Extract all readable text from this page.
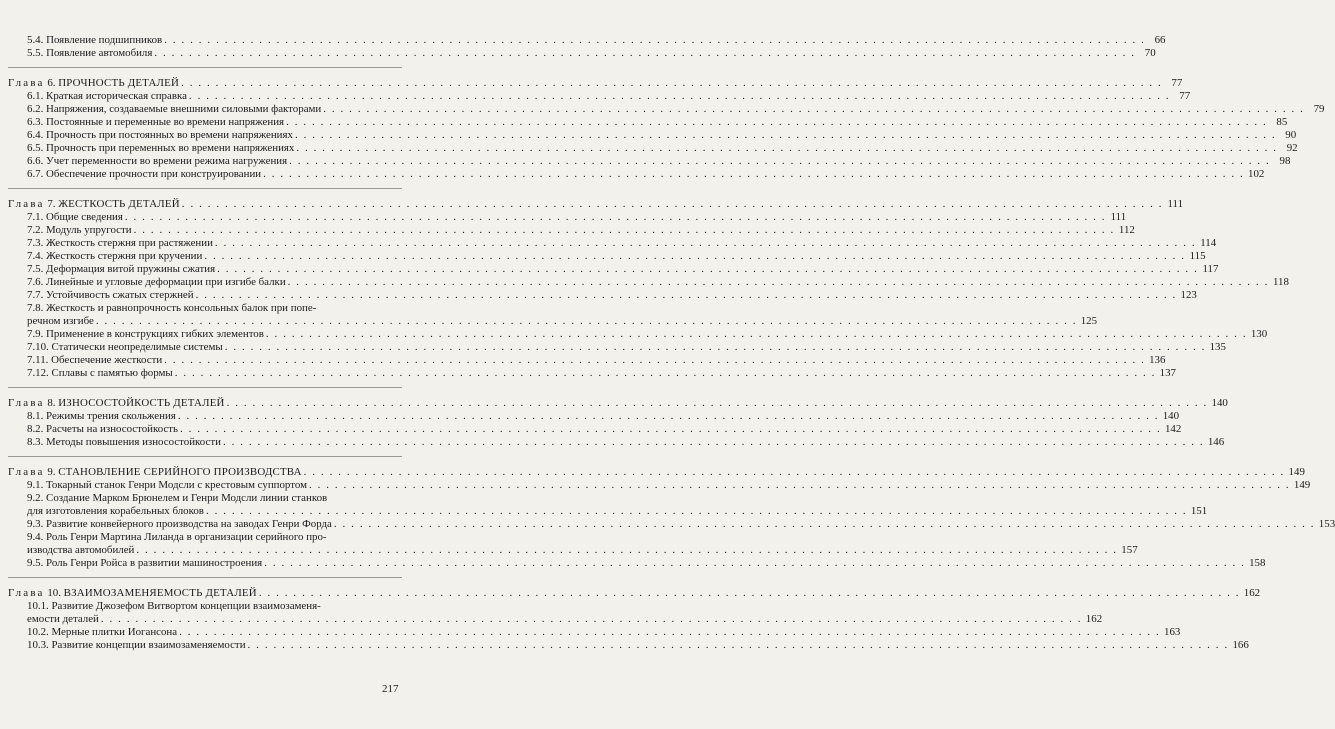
5.4. Появление подшипников . . .	66
5.5. Появление автомобиля . . .	70
Глава 6. ПРОЧНОСТЬ ДЕТАЛЕЙ . . .	77
6.1. Краткая историческая справка . . .	77
6.2. Напряжения, создаваемые внешними силовыми факторами . . .	79
6.3. Постоянные и переменные во времени напряжения . . .	85
6.4. Прочность при постоянных во времени напряжениях . . .	90
6.5. Прочность при переменных во времени напряжениях . . .	92
6.6. Учет переменности во времени режима нагружения . . .	98
6.7. Обеспечение прочности при конструировании . . .	102
Глава 7. ЖЕСТКОСТЬ ДЕТАЛЕЙ . . .	111
7.1. Общие сведения . . .	111
7.2. Модуль упругости . . .	112
7.3. Жесткость стержня при растяжении . . .	114
7.4. Жесткость стержня при кручении . . .	115
7.5. Деформация витой пружины сжатия . . .	117
7.6. Линейные и угловые деформации при изгибе балки . . .	118
7.7. Устойчивость сжатых стержней . . .	123
7.8. Жесткость и равнопрочность консольных балок при попе-
речном изгибе . . .	125
7.9. Применение в конструкциях гибких элементов . . .	130
7.10. Статически неопределимые системы . . .	135
7.11. Обеспечение жесткости . . .	136
7.12. Сплавы с памятью формы . . .	137
Глава 8. ИЗНОСОСТОЙКОСТЬ ДЕТАЛЕЙ . . .	140
8.1. Режимы трения скольжения . . .	140
8.2. Расчеты на износостойкость . . .	142
8.3. Методы повышения износостойкости . . .	146
Глава 9. СТАНОВЛЕНИЕ СЕРИЙНОГО ПРОИЗВОДСТВА . . .	149
9.1. Токарный станок Генри Модсли с крестовым суппортом . . .	149
9.2. Создание Марком Брюнелем и Генри Модсли линии станков
для изготовления корабельных блоков . . .	151
9.3. Развитие конвейерного производства на заводах Генри Форда . . .	153
9.4. Роль Генри Мартина Лиланда в организации серийного про-
изводства автомобилей . . .	157
9.5. Роль Генри Ройса в развитии машиностроения . . .	158
Глава 10. ВЗАИМОЗАМЕНЯЕМОСТЬ ДЕТАЛЕЙ . . .	162
10.1. Развитие Джозефом Витвортом концепции взаимозаменя-
емости деталей . . .	162
10.2. Мерные плитки Иогансона . . .	163
10.3. Развитие концепции взаимозаменяемости . . .	166
217
